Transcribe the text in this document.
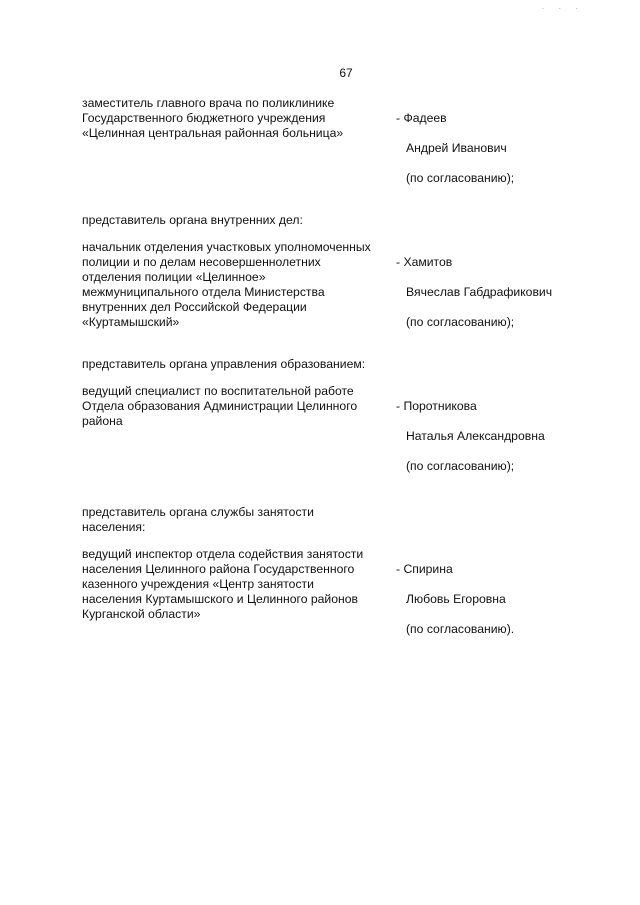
· · ·
67
заместитель главного врача по поликлинике
Государственного бюджетного учреждения
«Целинная центральная районная больница»

- Фадеев

Андрей Иванович

(по согласованию);

представитель органа внутренних дел:
начальник отделения участковых уполномоченных
полиции и по делам несовершеннолетних
отделения полиции «Целинное»
межмуниципального отдела Министерства
внутренних дел Российской Федерации
«Куртамышский»

- Хамитов

Вячеслав Габдрафикович

(по согласованию);

представитель органа управления образованием:
ведущий специалист по воспитательной работе
Отдела образования Администрации Целинного
района

- Поротникова

Наталья Александровна

(по согласованию);

представитель органа службы занятости
населения:
ведущий инспектор отдела содействия занятости
населения Целинного района Государственного
казенного учреждения «Центр занятости
населения Куртамышского и Целинного районов
Курганской области»

- Спирина

Любовь Егоровна

(по согласованию).
